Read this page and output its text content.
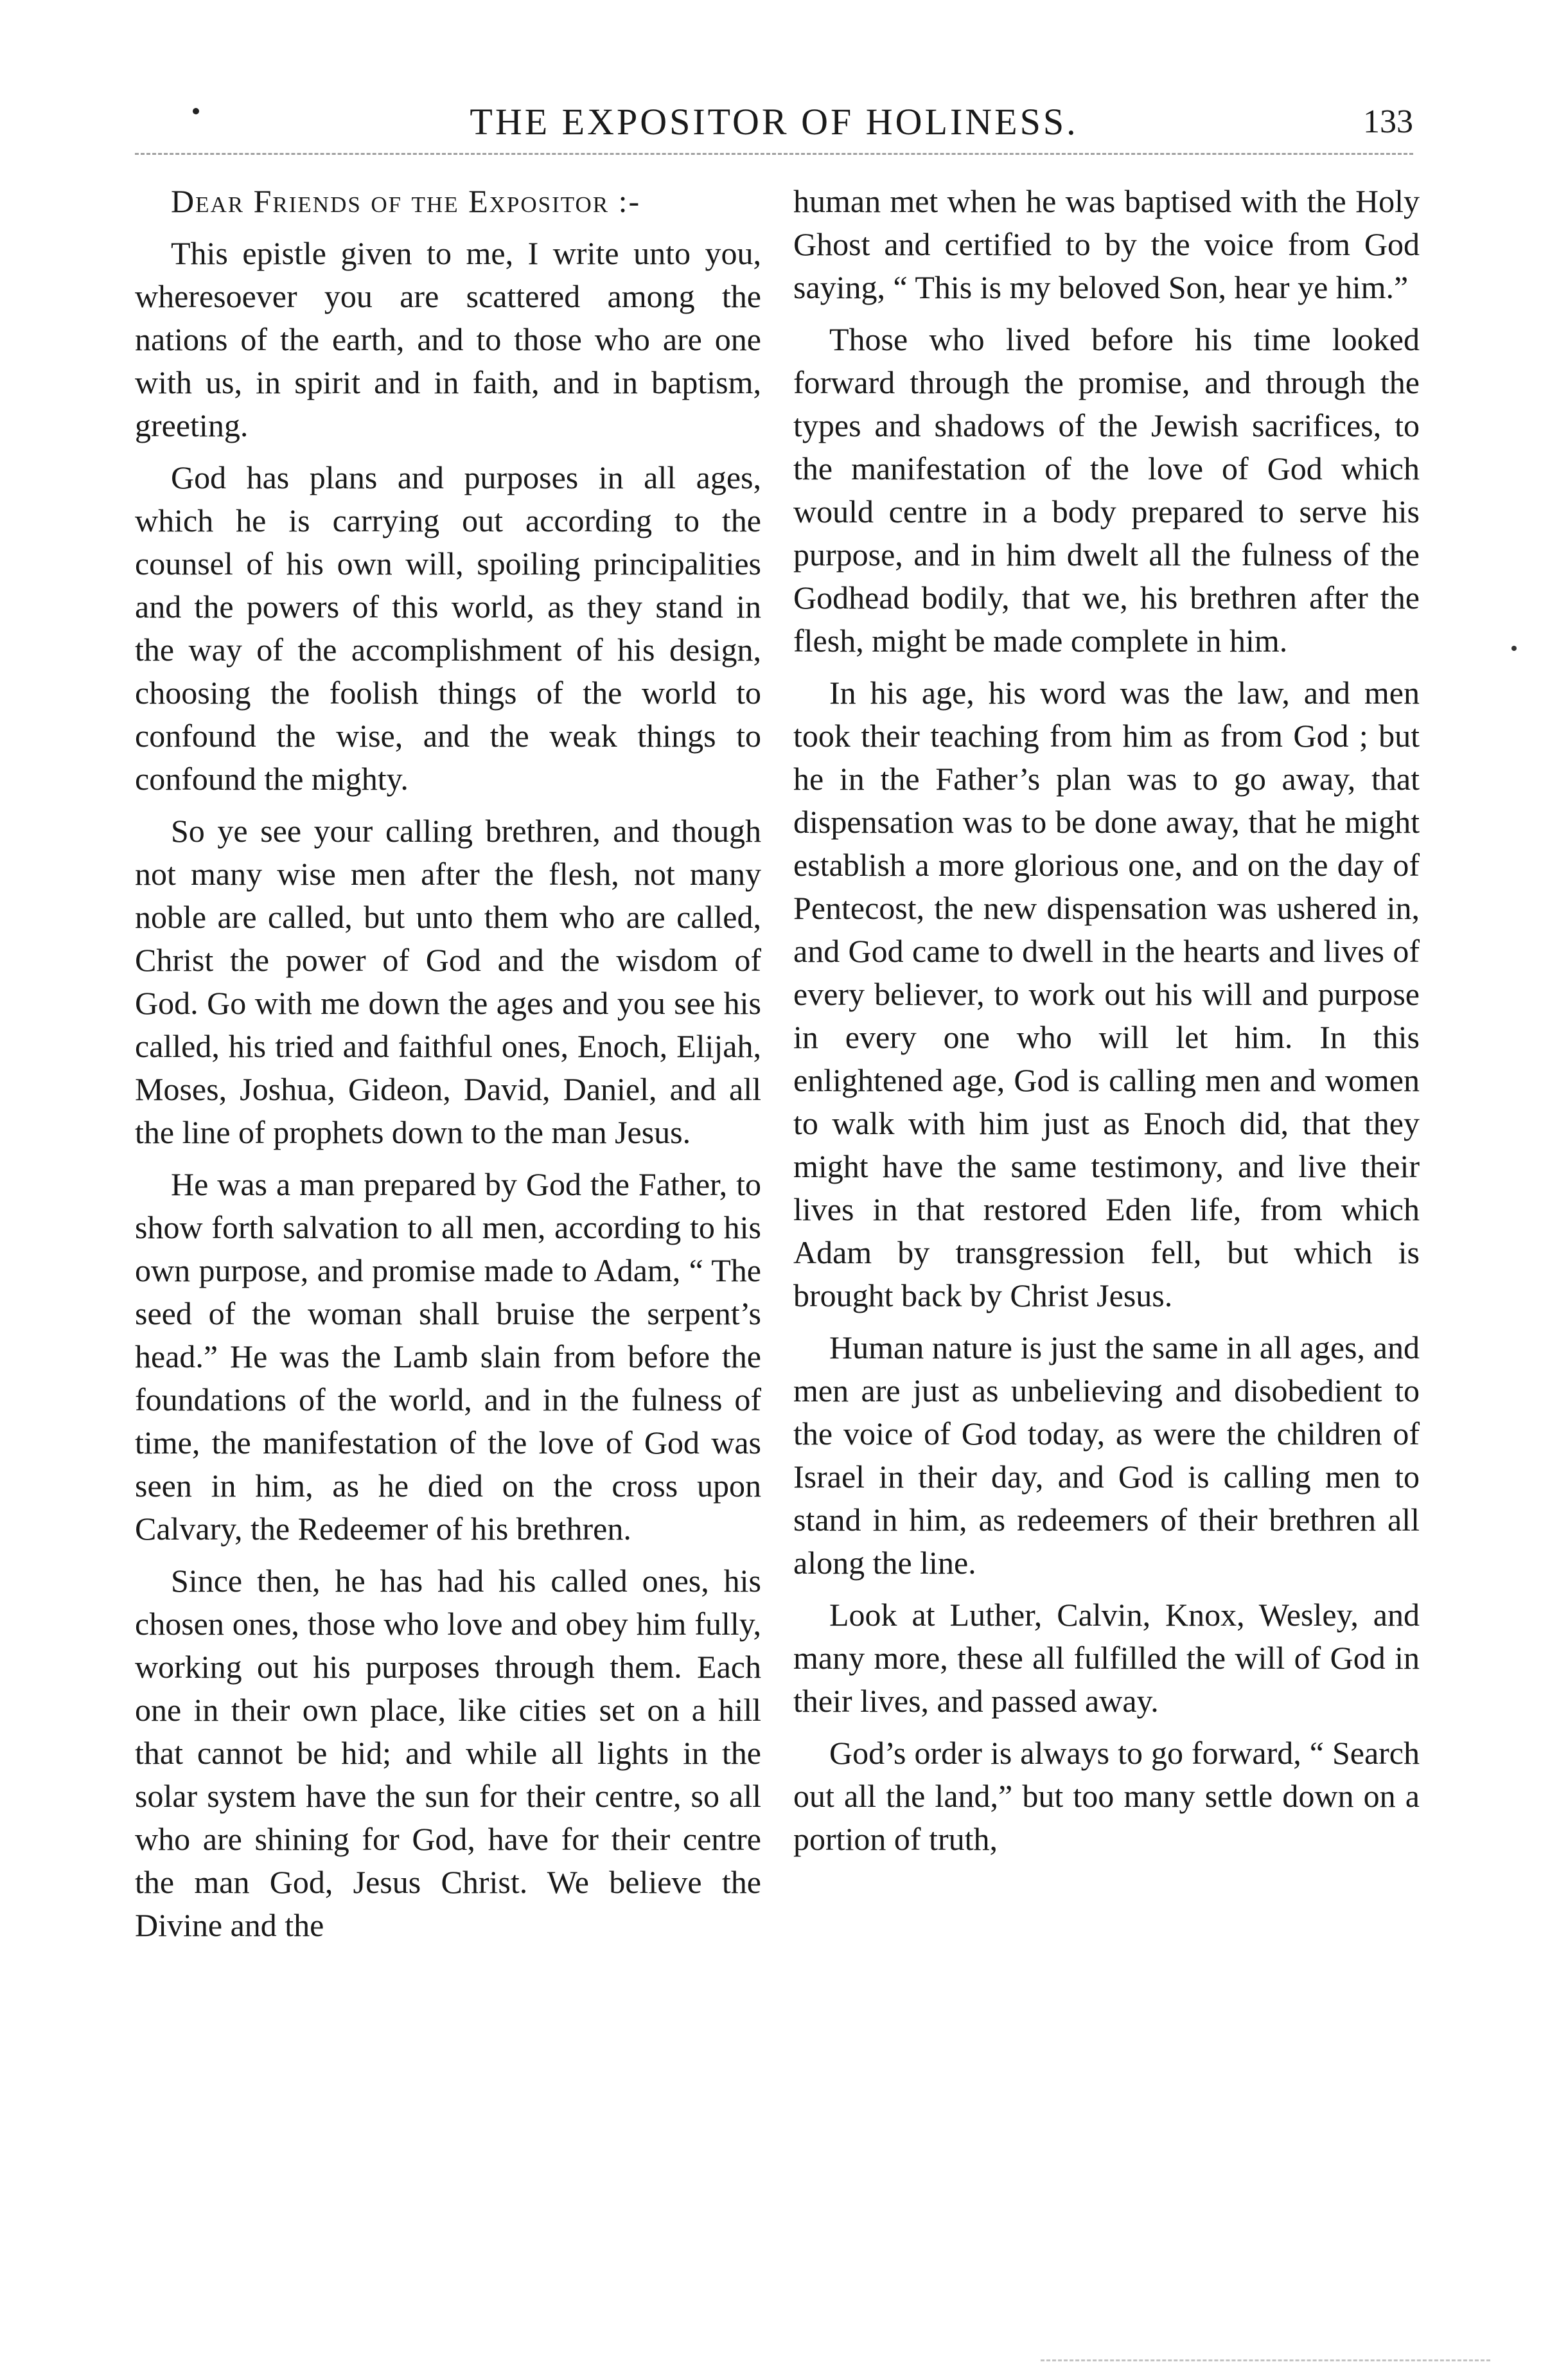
THE EXPOSITOR OF HOLINESS.	133

Dear Friends of the Expositor :-

This epistle given to me, I write unto you, wheresoever you are scattered among the nations of the earth, and to those who are one with us, in spirit and in faith, and in baptism, greeting.

God has plans and purposes in all ages, which he is carrying out according to the counsel of his own will, spoiling principalities and the powers of this world, as they stand in the way of the accomplishment of his design, choosing the foolish things of the world to confound the wise, and the weak things to confound the mighty.

So ye see your calling brethren, and though not many wise men after the flesh, not many noble are called, but unto them who are called, Christ the power of God and the wisdom of God. Go with me down the ages and you see his called, his tried and faithful ones, Enoch, Elijah, Moses, Joshua, Gideon, David, Daniel, and all the line of prophets down to the man Jesus.

He was a man prepared by God the Father, to show forth salvation to all men, according to his own purpose, and promise made to Adam, “ The seed of the woman shall bruise the serpent’s head.” He was the Lamb slain from before the foundations of the world, and in the fulness of time, the manifestation of the love of God was seen in him, as he died on the cross upon Calvary, the Redeemer of his brethren.

Since then, he has had his called ones, his chosen ones, those who love and obey him fully, working out his purposes through them. Each one in their own place, like cities set on a hill that cannot be hid; and while all lights in the solar system have the sun for their centre, so all who are shining for God, have for their centre the man God, Jesus Christ. We believe the Divine and the

human met when he was baptised with the Holy Ghost and certified to by the voice from God saying, “ This is my beloved Son, hear ye him.”

Those who lived before his time looked forward through the promise, and through the types and shadows of the Jewish sacrifices, to the manifestation of the love of God which would centre in a body prepared to serve his purpose, and in him dwelt all the fulness of the Godhead bodily, that we, his brethren after the flesh, might be made complete in him.

In his age, his word was the law, and men took their teaching from him as from God ; but he in the Father’s plan was to go away, that dispensation was to be done away, that he might establish a more glorious one, and on the day of Pentecost, the new dispensation was ushered in, and God came to dwell in the hearts and lives of every believer, to work out his will and purpose in every one who will let him. In this enlightened age, God is calling men and women to walk with him just as Enoch did, that they might have the same testimony, and live their lives in that restored Eden life, from which Adam by transgression fell, but which is brought back by Christ Jesus.

Human nature is just the same in all ages, and men are just as unbelieving and disobedient to the voice of God today, as were the children of Israel in their day, and God is calling men to stand in him, as redeemers of their brethren all along the line.

Look at Luther, Calvin, Knox, Wesley, and many more, these all fulfilled the will of God in their lives, and passed away.

God’s order is always to go forward, “ Search out all the land,” but too many settle down on a portion of truth,
